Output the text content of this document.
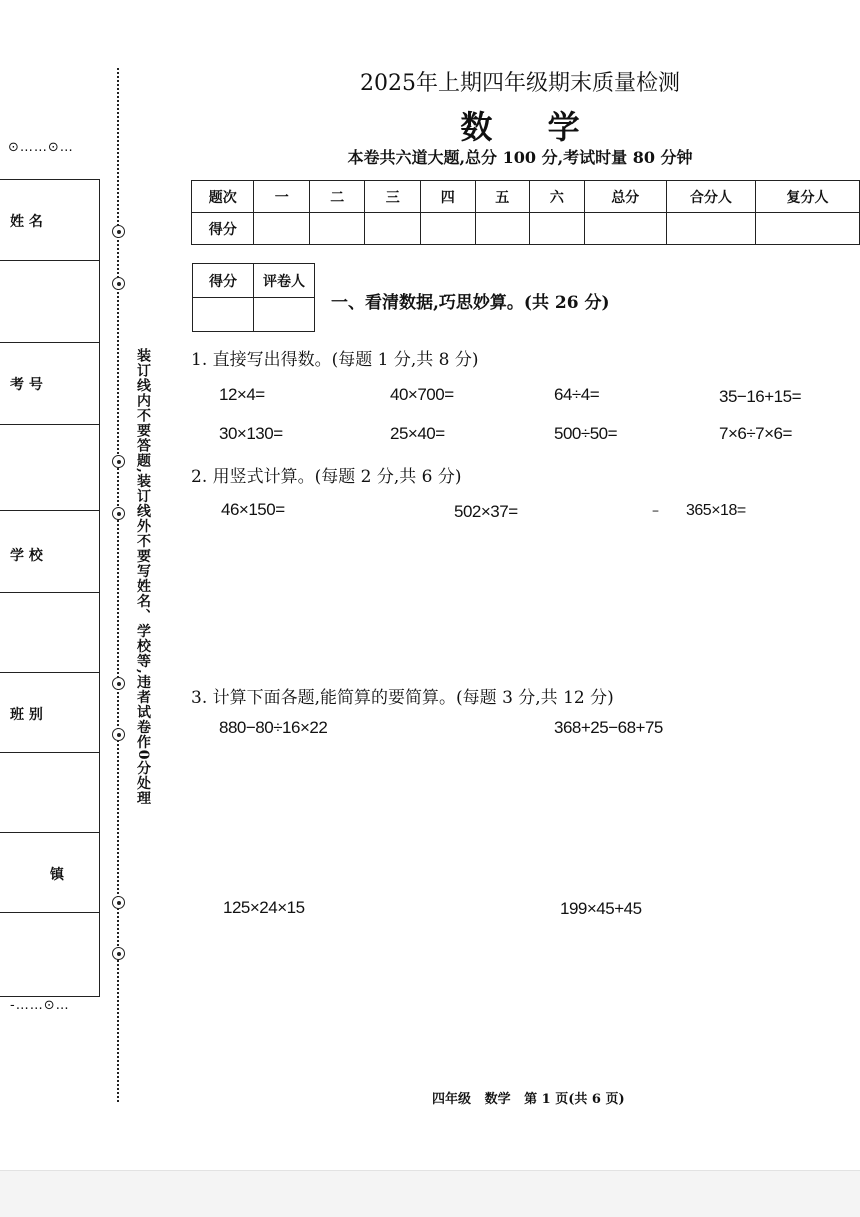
⊙……⊙…
姓 名
考 号
学 校
班 别
镇
-……⊙…
装订线内不要答题,装订线外不要写姓名、学校等,违者试卷作0分处理
2025年上期四年级期末质量检测
数 学
本卷共六道大题,总分 100 分,考试时量 80 分钟
题次	一	二	三	四	五	六	总分	合分人	复分人
得分									
得分	评卷人

一、看清数据,巧思妙算。(共 26 分)
1. 直接写出得数。(每题 1 分,共 8 分)
12×4=	40×700=	64÷4=	35−16+15=
30×130=	25×40=	500÷50=	7×6÷7×6=
2. 用竖式计算。(每题 2 分,共 6 分)
46×150=	502×37=	– 365×18=
3. 计算下面各题,能简算的要简算。(每题 3 分,共 12 分)
880−80÷16×22	368+25−68+75
125×24×15	199×45+45
四年级   数学   第 1 页(共 6 页)
